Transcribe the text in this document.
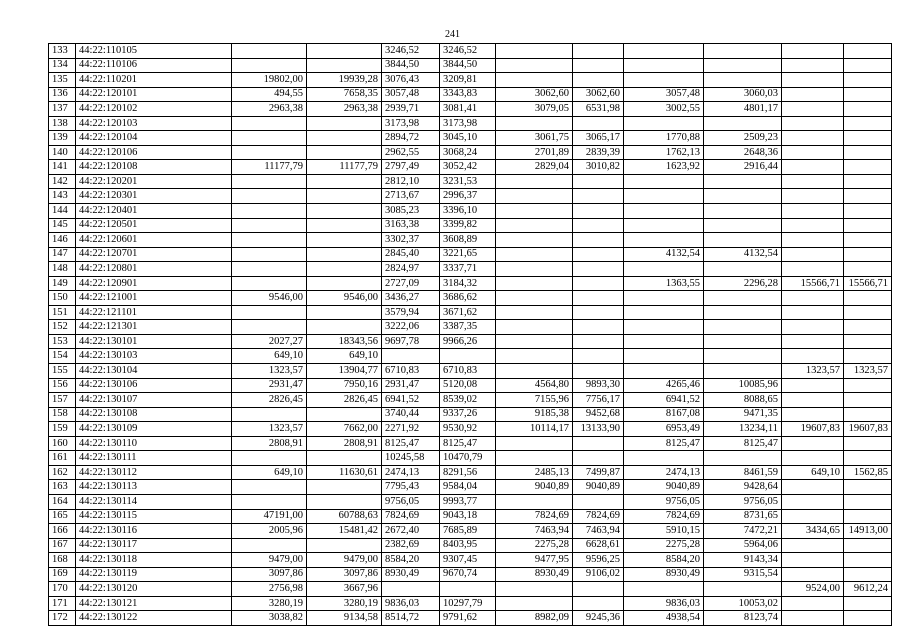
241
133	44:22:110105			3246,52	3246,52						
134	44:22:110106			3844,50	3844,50						
135	44:22:110201	19802,00	19939,28	3076,43	3209,81						
136	44:22:120101	494,55	7658,35	3057,48	3343,83	3062,60	3062,60	3057,48	3060,03		
137	44:22:120102	2963,38	2963,38	2939,71	3081,41	3079,05	6531,98	3002,55	4801,17		
138	44:22:120103			3173,98	3173,98						
139	44:22:120104			2894,72	3045,10	3061,75	3065,17	1770,88	2509,23		
140	44:22:120106			2962,55	3068,24	2701,89	2839,39	1762,13	2648,36		
141	44:22:120108	11177,79	11177,79	2797,49	3052,42	2829,04	3010,82	1623,92	2916,44		
142	44:22:120201			2812,10	3231,53						
143	44:22:120301			2713,67	2996,37						
144	44:22:120401			3085,23	3396,10						
145	44:22:120501			3163,38	3399,82						
146	44:22:120601			3302,37	3608,89						
147	44:22:120701			2845,40	3221,65			4132,54	4132,54		
148	44:22:120801			2824,97	3337,71						
149	44:22:120901			2727,09	3184,32			1363,55	2296,28	15566,71	15566,71
150	44:22:121001	9546,00	9546,00	3436,27	3686,62						
151	44:22:121101			3579,94	3671,62						
152	44:22:121301			3222,06	3387,35						
153	44:22:130101	2027,27	18343,56	9697,78	9966,26						
154	44:22:130103	649,10	649,10								
155	44:22:130104	1323,57	13904,77	6710,83	6710,83					1323,57	1323,57
156	44:22:130106	2931,47	7950,16	2931,47	5120,08	4564,80	9893,30	4265,46	10085,96		
157	44:22:130107	2826,45	2826,45	6941,52	8539,02	7155,96	7756,17	6941,52	8088,65		
158	44:22:130108			3740,44	9337,26	9185,38	9452,68	8167,08	9471,35		
159	44:22:130109	1323,57	7662,00	2271,92	9530,92	10114,17	13133,90	6953,49	13234,11	19607,83	19607,83
160	44:22:130110	2808,91	2808,91	8125,47	8125,47			8125,47	8125,47		
161	44:22:130111			10245,58	10470,79						
162	44:22:130112	649,10	11630,61	2474,13	8291,56	2485,13	7499,87	2474,13	8461,59	649,10	1562,85
163	44:22:130113			7795,43	9584,04	9040,89	9040,89	9040,89	9428,64		
164	44:22:130114			9756,05	9993,77			9756,05	9756,05		
165	44:22:130115	47191,00	60788,63	7824,69	9043,18	7824,69	7824,69	7824,69	8731,65		
166	44:22:130116	2005,96	15481,42	2672,40	7685,89	7463,94	7463,94	5910,15	7472,21	3434,65	14913,00
167	44:22:130117			2382,69	8403,95	2275,28	6628,61	2275,28	5964,06		
168	44:22:130118	9479,00	9479,00	8584,20	9307,45	9477,95	9596,25	8584,20	9143,34		
169	44:22:130119	3097,86	3097,86	8930,49	9670,74	8930,49	9106,02	8930,49	9315,54		
170	44:22:130120	2756,98	3667,96							9524,00	9612,24
171	44:22:130121	3280,19	3280,19	9836,03	10297,79			9836,03	10053,02		
172	44:22:130122	3038,82	9134,58	8514,72	9791,62	8982,09	9245,36	4938,54	8123,74		
